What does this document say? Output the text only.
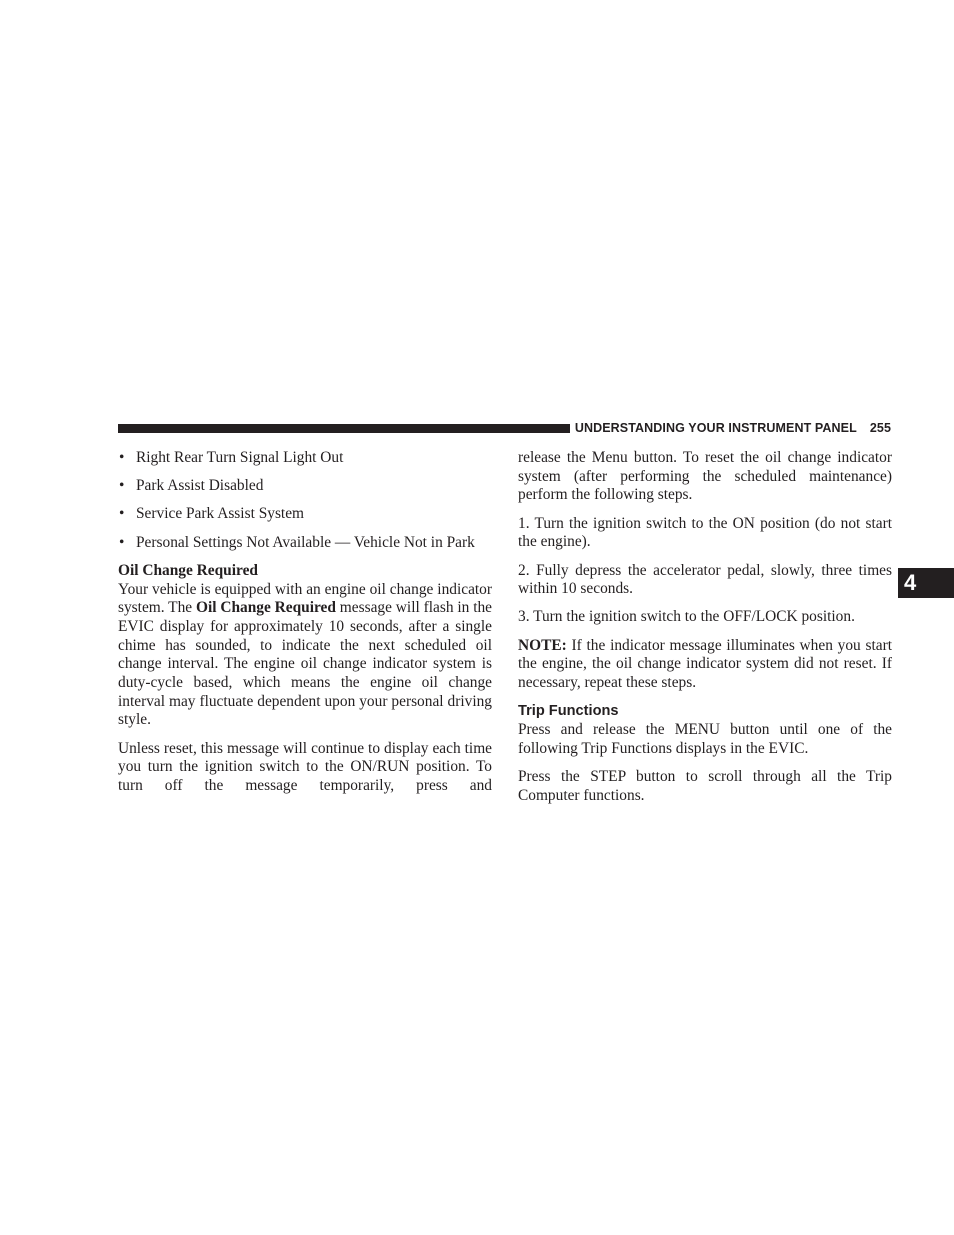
UNDERSTANDING YOUR INSTRUMENT PANEL 255
4
• Right Rear Turn Signal Light Out
• Park Assist Disabled
• Service Park Assist System
• Personal Settings Not Available — Vehicle Not in Park
Oil Change Required

Your vehicle is equipped with an engine oil change indicator system. The Oil Change Required message will flash in the EVIC display for approximately 10 seconds, after a single chime has sounded, to indicate the next scheduled oil change interval. The engine oil change indicator system is duty-cycle based, which means the engine oil change interval may fluctuate dependent upon your personal driving style.

Unless reset, this message will continue to display each time you turn the ignition switch to the ON/RUN position. To turn off the message temporarily, press and

release the Menu button. To reset the oil change indicator system (after performing the scheduled maintenance) perform the following steps.

1. Turn the ignition switch to the ON position (do not start the engine).

2. Fully depress the accelerator pedal, slowly, three times within 10 seconds.

3. Turn the ignition switch to the OFF/LOCK position.

NOTE: If the indicator message illuminates when you start the engine, the oil change indicator system did not reset. If necessary, repeat these steps.

Trip Functions

Press and release the MENU button until one of the following Trip Functions displays in the EVIC.

Press the STEP button to scroll through all the Trip Computer functions.
